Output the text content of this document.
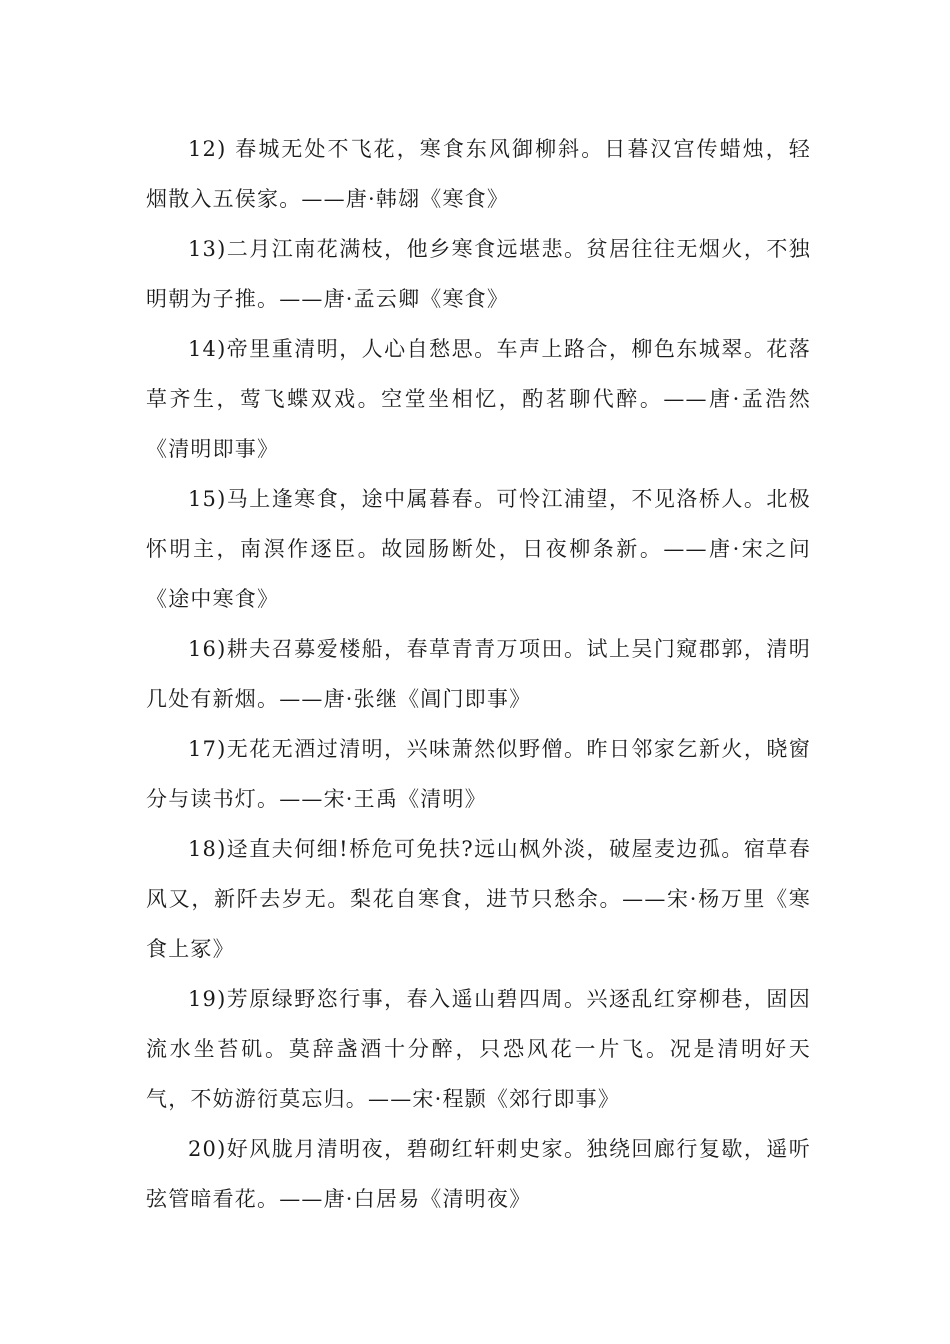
12) 春城无处不飞花，寒食东风御柳斜。日暮汉宫传蜡烛，轻烟散入五侯家。——唐·韩翃《寒食》

13)二月江南花满枝，他乡寒食远堪悲。贫居往往无烟火，不独明朝为子推。——唐·孟云卿《寒食》

14)帝里重清明，人心自愁思。车声上路合，柳色东城翠。花落草齐生，莺飞蝶双戏。空堂坐相忆，酌茗聊代醉。——唐·孟浩然《清明即事》

15)马上逢寒食，途中属暮春。可怜江浦望，不见洛桥人。北极怀明主，南溟作逐臣。故园肠断处，日夜柳条新。——唐·宋之问《途中寒食》

16)耕夫召募爱楼船，春草青青万项田。试上吴门窥郡郭，清明几处有新烟。——唐·张继《阊门即事》

17)无花无酒过清明，兴味萧然似野僧。昨日邻家乞新火，晓窗分与读书灯。——宋·王禹《清明》

18)迳直夫何细!桥危可免扶?远山枫外淡，破屋麦边孤。宿草春风又，新阡去岁无。梨花自寒食，进节只愁余。——宋·杨万里《寒食上冢》

19)芳原绿野恣行事，春入遥山碧四周。兴逐乱红穿柳巷，固因流水坐苔矶。莫辞盏酒十分醉，只恐风花一片飞。况是清明好天气，不妨游衍莫忘归。——宋·程颢《郊行即事》

20)好风胧月清明夜，碧砌红轩刺史家。独绕回廊行复歇，遥听弦管暗看花。——唐·白居易《清明夜》
